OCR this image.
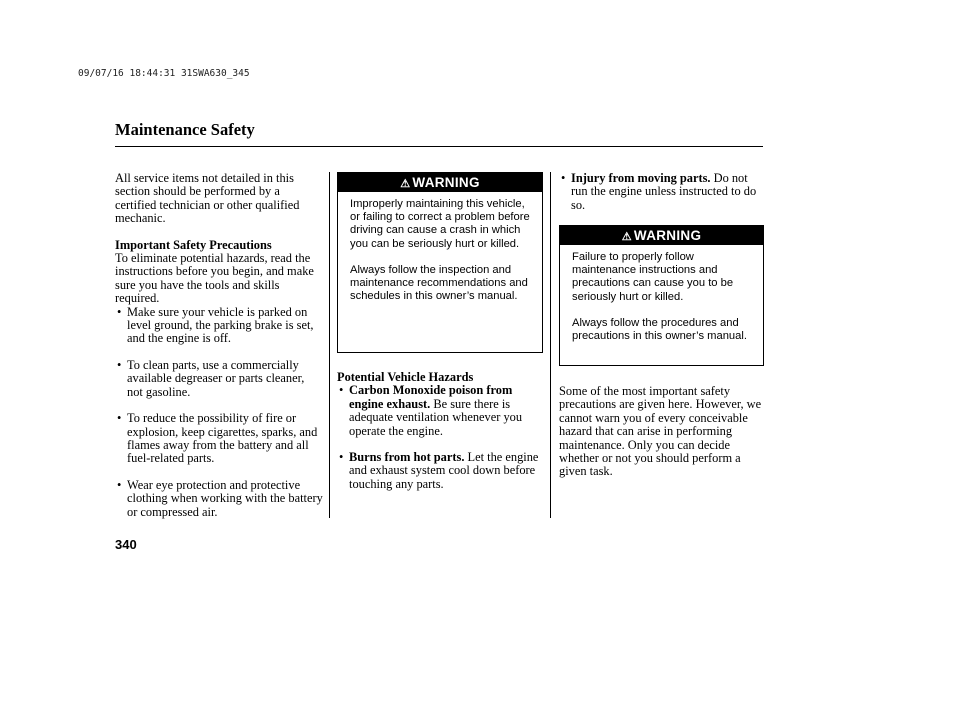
09/07/16 18:44:31 31SWA630_345
Maintenance Safety

All service items not detailed in this section should be performed by a certified technician or other qualified mechanic.

Important Safety Precautions

To eliminate potential hazards, read the instructions before you begin, and make sure you have the tools and skills required.

• Make sure your vehicle is parked on level ground, the parking brake is set, and the engine is off.
• To clean parts, use a commercially available degreaser or parts cleaner, not gasoline.
• To reduce the possibility of fire or explosion, keep cigarettes, sparks, and flames away from the battery and all fuel-related parts.
• Wear eye protection and protective clothing when working with the battery or compressed air.
⚠ WARNING

Improperly maintaining this vehicle, or failing to correct a problem before driving can cause a crash in which you can be seriously hurt or killed.

Always follow the inspection and maintenance recommendations and schedules in this owner’s manual.

Potential Vehicle Hazards

• Carbon Monoxide poison from engine exhaust. Be sure there is adequate ventilation whenever you operate the engine.
• Burns from hot parts. Let the engine and exhaust system cool down before touching any parts.
• Injury from moving parts. Do not run the engine unless instructed to do so.
⚠ WARNING

Failure to properly follow maintenance instructions and precautions can cause you to be seriously hurt or killed.

Always follow the procedures and precautions in this owner’s manual.

Some of the most important safety precautions are given here. However, we cannot warn you of every conceivable hazard that can arise in performing maintenance. Only you can decide whether or not you should perform a given task.

340
